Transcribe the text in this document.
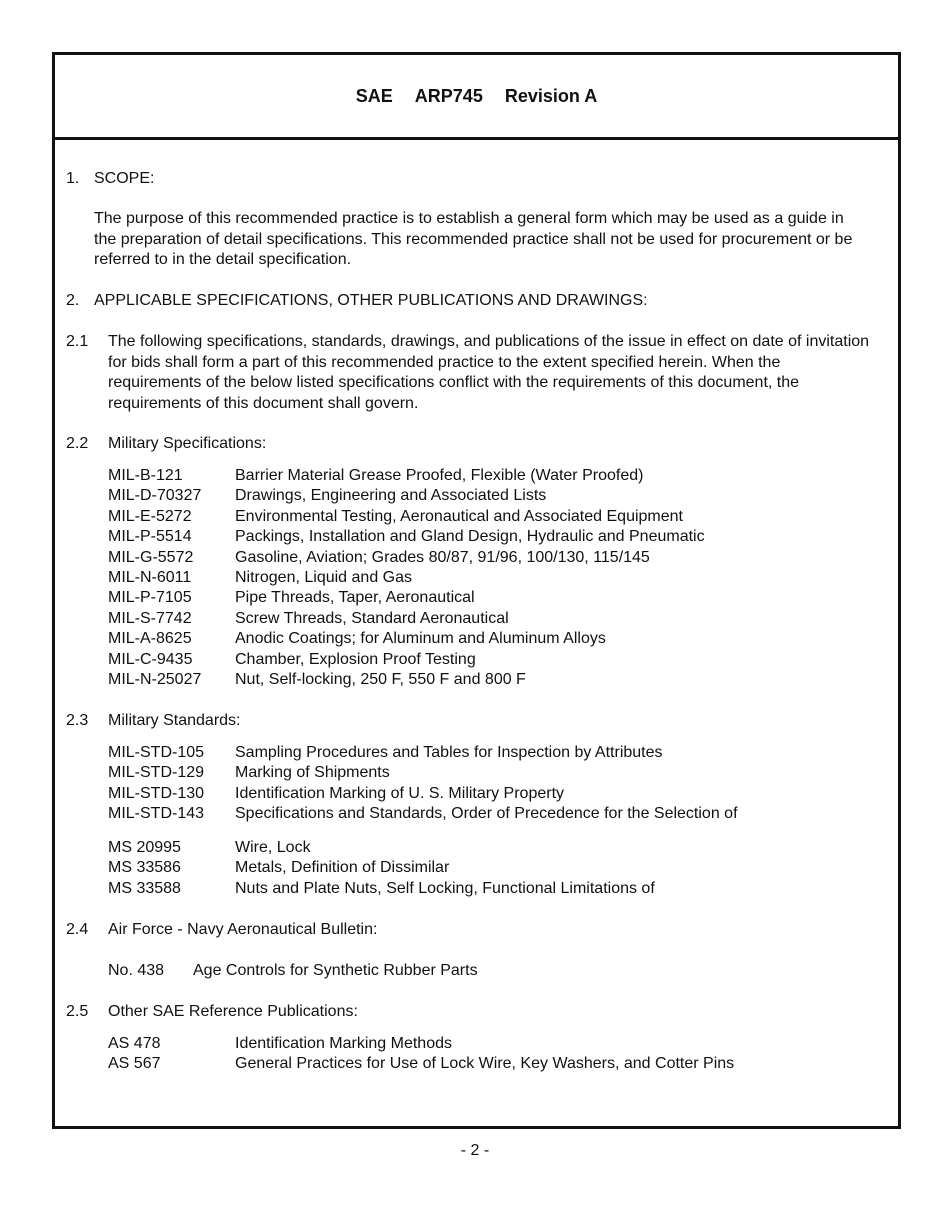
SAE ARP745 Revision A
1. SCOPE:
The purpose of this recommended practice is to establish a general form which may be used as a guide in the preparation of detail specifications. This recommended practice shall not be used for procurement or be referred to in the detail specification.
2. APPLICABLE SPECIFICATIONS, OTHER PUBLICATIONS AND DRAWINGS:
2.1 The following specifications, standards, drawings, and publications of the issue in effect on date of invitation for bids shall form a part of this recommended practice to the extent specified herein. When the requirements of the below listed specifications conflict with the requirements of this document, the requirements of this document shall govern.
2.2 Military Specifications:
MIL-B-121	Barrier Material Grease Proofed, Flexible (Water Proofed)
MIL-D-70327 Drawings, Engineering and Associated Lists
MIL-E-5272	Environmental Testing, Aeronautical and Associated Equipment
MIL-P-5514	Packings, Installation and Gland Design, Hydraulic and Pneumatic
MIL-G-5572	Gasoline, Aviation; Grades 80/87, 91/96, 100/130, 115/145
MIL-N-6011	Nitrogen, Liquid and Gas
MIL-P-7105	Pipe Threads, Taper, Aeronautical
MIL-S-7742	Screw Threads, Standard Aeronautical
MIL-A-8625	Anodic Coatings; for Aluminum and Aluminum Alloys
MIL-C-9435	Chamber, Explosion Proof Testing
MIL-N-25027 Nut, Self-locking, 250 F, 550 F and 800 F
2.3 Military Standards:
MIL-STD-105 Sampling Procedures and Tables for Inspection by Attributes
MIL-STD-129 Marking of Shipments
MIL-STD-130 Identification Marking of U. S. Military Property
MIL-STD-143 Specifications and Standards, Order of Precedence for the Selection of
MS 20995	Wire, Lock
MS 33586	Metals, Definition of Dissimilar
MS 33588	Nuts and Plate Nuts, Self Locking, Functional Limitations of
2.4 Air Force - Navy Aeronautical Bulletin:
No. 438 Age Controls for Synthetic Rubber Parts
2.5 Other SAE Reference Publications:
AS 478	Identification Marking Methods
AS 567	General Practices for Use of Lock Wire, Key Washers, and Cotter Pins
- 2 -
